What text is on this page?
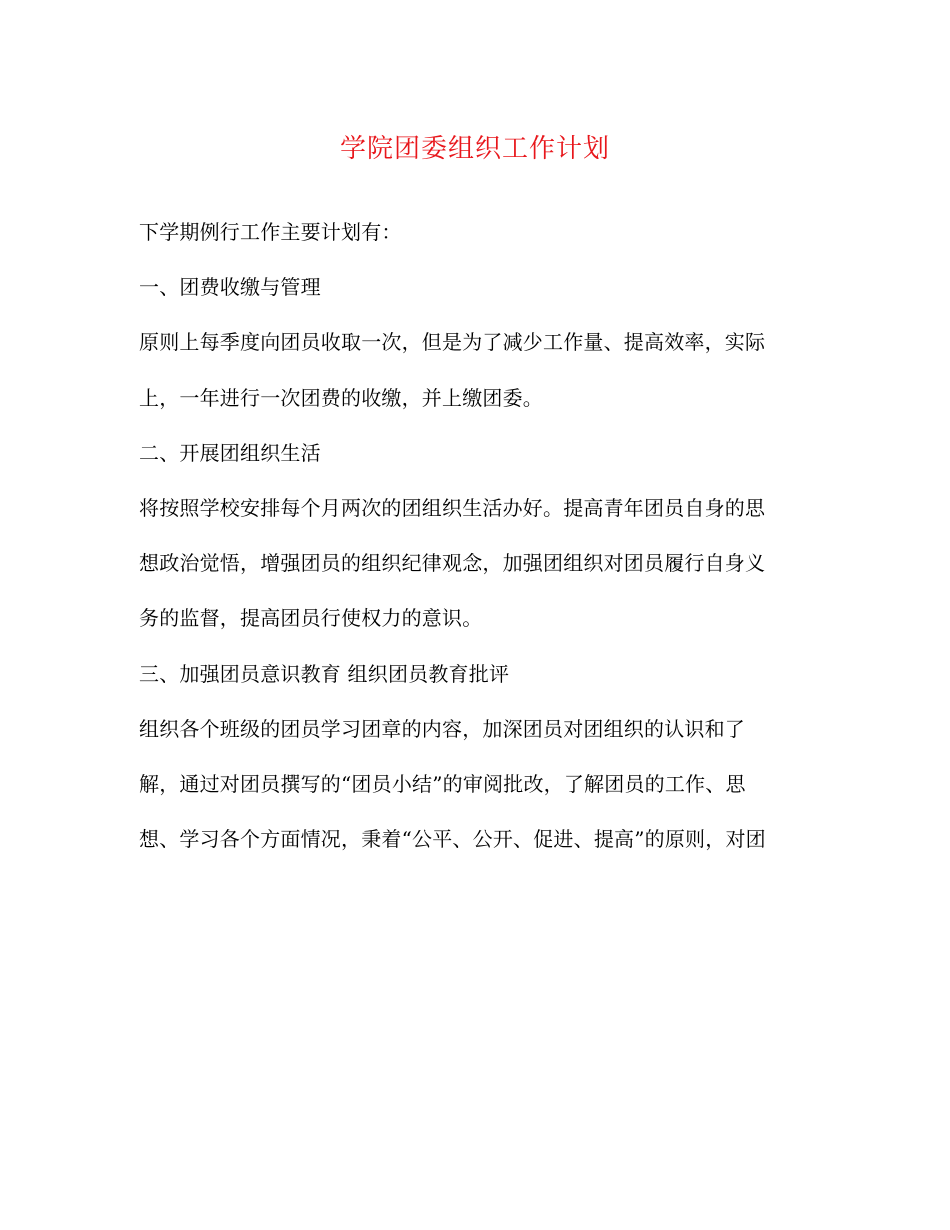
学院团委组织工作计划
下学期例行工作主要计划有：
一、团费收缴与管理
原则上每季度向团员收取一次，但是为了减少工作量、提高效率，实际
上，一年进行一次团费的收缴，并上缴团委。
二、开展团组织生活
将按照学校安排每个月两次的团组织生活办好。提高青年团员自身的思
想政治觉悟，增强团员的组织纪律观念，加强团组织对团员履行自身义
务的监督，提高团员行使权力的意识。
三、加强团员意识教育 组织团员教育批评
组织各个班级的团员学习团章的内容，加深团员对团组织的认识和了
解，通过对团员撰写的“团员小结”的审阅批改，了解团员的工作、思
想、学习各个方面情况，秉着“公平、公开、促进、提高”的原则，对团
